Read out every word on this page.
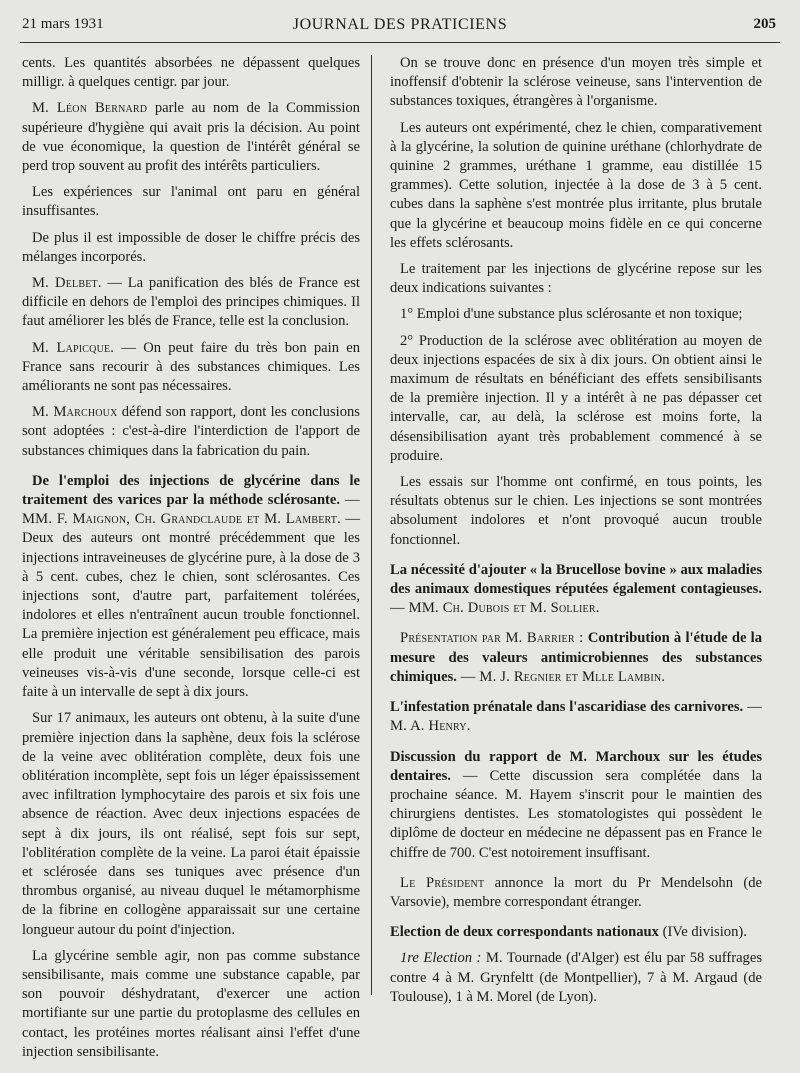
21 mars 1931	JOURNAL DES PRATICIENS	205

cents. Les quantités absorbées ne dépassent quelques milligr. à quelques centigr. par jour.

M. Léon Bernard parle au nom de la Commission supérieure d'hygiène qui avait pris la décision. Au point de vue économique, la question de l'intérêt général se perd trop souvent au profit des intérêts particuliers.

Les expériences sur l'animal ont paru en général insuffisantes.

De plus il est impossible de doser le chiffre précis des mélanges incorporés.

M. Delbet. — La panification des blés de France est difficile en dehors de l'emploi des principes chimiques. Il faut améliorer les blés de France, telle est la conclusion.

M. Lapicque. — On peut faire du très bon pain en France sans recourir à des substances chimiques. Les améliorants ne sont pas nécessaires.

M. Marchoux défend son rapport, dont les conclusions sont adoptées : c'est-à-dire l'interdiction de l'apport de substances chimiques dans la fabrication du pain.

De l'emploi des injections de glycérine dans le traitement des varices par la méthode sclérosante. — MM. F. Maignon, Ch. Grandclaude et M. Lambert. — Deux des auteurs ont montré précédemment que les injections intraveineuses de glycérine pure, à la dose de 3 à 5 cent. cubes, chez le chien, sont sclérosantes. Ces injections sont, d'autre part, parfaitement tolérées, indolores et elles n'entraînent aucun trouble fonctionnel. La première injection est généralement peu efficace, mais elle produit une véritable sensibilisation des parois veineuses vis-à-vis d'une seconde, lorsque celle-ci est faite à un intervalle de sept à dix jours.

Sur 17 animaux, les auteurs ont obtenu, à la suite d'une première injection dans la saphène, deux fois la sclérose de la veine avec oblitération complète, deux fois une oblitération incomplète, sept fois un léger épaississement avec infiltration lymphocytaire des parois et six fois une absence de réaction. Avec deux injections espacées de sept à dix jours, ils ont réalisé, sept fois sur sept, l'oblitération complète de la veine. La paroi était épaissie et sclérosée dans ses tuniques avec présence d'un thrombus organisé, au niveau duquel le métamorphisme de la fibrine en collogène apparaissait sur une certaine longueur autour du point d'injection.

La glycérine semble agir, non pas comme substance sensibilisante, mais comme une substance capable, par son pouvoir déshydratant, d'exercer une action mortifiante sur une partie du protoplasme des cellules en contact, les protéines mortes réalisant ainsi l'effet d'une injection sensibilisante.

On se trouve donc en présence d'un moyen très simple et inoffensif d'obtenir la sclérose veineuse, sans l'intervention de substances toxiques, étrangères à l'organisme.

Les auteurs ont expérimenté, chez le chien, comparativement à la glycérine, la solution de quinine uréthane (chlorhydrate de quinine 2 grammes, uréthane 1 gramme, eau distillée 15 grammes). Cette solution, injectée à la dose de 3 à 5 cent. cubes dans la saphène s'est montrée plus irritante, plus brutale que la glycérine et beaucoup moins fidèle en ce qui concerne les effets sclérosants.

Le traitement par les injections de glycérine repose sur les deux indications suivantes :

1° Emploi d'une substance plus sclérosante et non toxique;

2° Production de la sclérose avec oblitération au moyen de deux injections espacées de six à dix jours. On obtient ainsi le maximum de résultats en bénéficiant des effets sensibilisants de la première injection. Il y a intérêt à ne pas dépasser cet intervalle, car, au delà, la sclérose est moins forte, la désensibilisation ayant très probablement commencé à se produire.

Les essais sur l'homme ont confirmé, en tous points, les résultats obtenus sur le chien. Les injections se sont montrées absolument indolores et n'ont provoqué aucun trouble fonctionnel.

La nécessité d'ajouter « la Brucellose bovine » aux maladies des animaux domestiques réputées également contagieuses. — MM. Ch. Dubois et M. Sollier.

Présentation par M. Barrier : Contribution à l'étude de la mesure des valeurs antimicrobiennes des substances chimiques. — M. J. Regnier et Mlle Lambin.

L'infestation prénatale dans l'ascaridiase des carnivores. — M. A. Henry.

Discussion du rapport de M. Marchoux sur les études dentaires. — Cette discussion sera complétée dans la prochaine séance. M. Hayem s'inscrit pour le maintien des chirurgiens dentistes. Les stomatologistes qui possèdent le diplôme de docteur en médecine ne dépassent pas en France le chiffre de 700. C'est notoirement insuffisant.

Le Président annonce la mort du Pr Mendelsohn (de Varsovie), membre correspondant étranger.

Election de deux correspondants nationaux (IVe division).

1re Election : M. Tournade (d'Alger) est élu par 58 suffrages contre 4 à M. Grynfeltt (de Montpellier), 7 à M. Argaud (de Toulouse), 1 à M. Morel (de Lyon).
